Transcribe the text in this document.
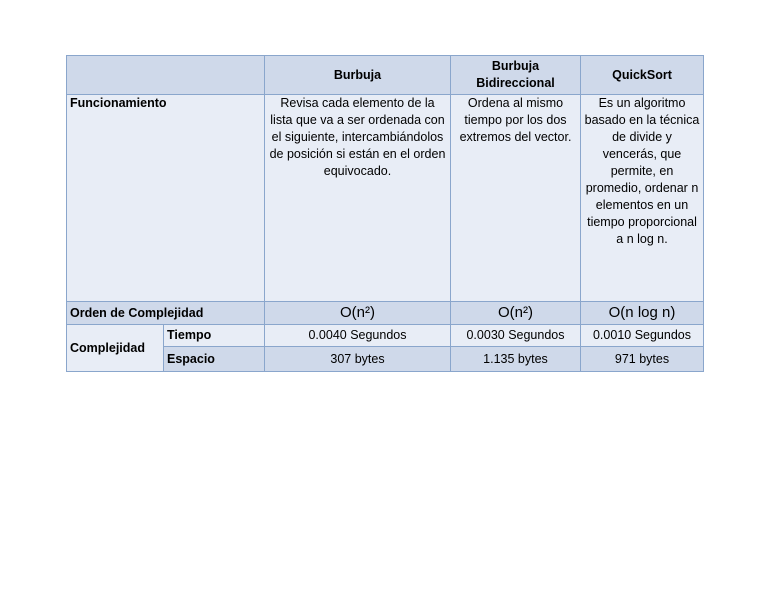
		Burbuja	Burbuja Bidireccional	QuickSort
Funcionamiento		Revisa cada elemento de la lista que va a ser ordenada con el siguiente, intercambiándolos de posición si están en el orden equivocado.	Ordena al mismo tiempo por los dos extremos del vector.	Es un algoritmo basado en la técnica de divide y vencerás, que permite, en promedio, ordenar n elementos en un tiempo proporcional a n log n.
Orden de Complejidad		O(n²)	O(n²)	O(n log n)
Complejidad	Tiempo	0.0040 Segundos	0.0030 Segundos	0.0010 Segundos
	Espacio	307 bytes	1.135 bytes	971 bytes
